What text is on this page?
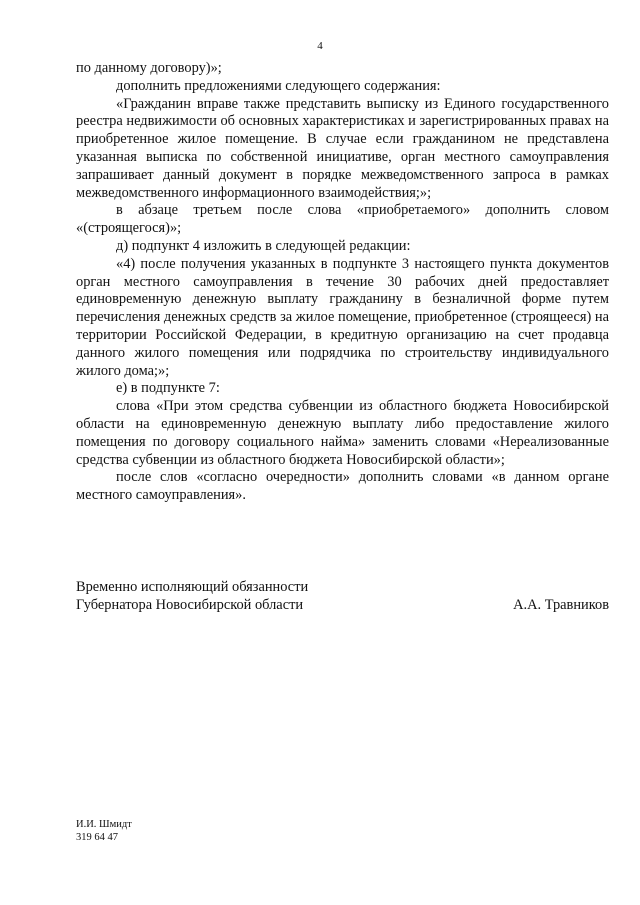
4

по данному договору)»;

дополнить предложениями следующего содержания:

«Гражданин вправе также представить выписку из Единого государственного реестра недвижимости об основных характеристиках и зарегистрированных правах на приобретенное жилое помещение. В случае если гражданином не представлена указанная выписка по собственной инициативе, орган местного самоуправления запрашивает данный документ в порядке межведомственного запроса в рамках межведомственного информационного взаимодействия;»;

в абзаце третьем после слова «приобретаемого» дополнить словом «(строящегося)»;

д) подпункт 4 изложить в следующей редакции:

«4) после получения указанных в подпункте 3 настоящего пункта документов орган местного самоуправления в течение 30 рабочих дней предоставляет единовременную денежную выплату гражданину в безналичной форме путем перечисления денежных средств за жилое помещение, приобретенное (строящееся) на территории Российской Федерации, в кредитную организацию на счет продавца данного жилого помещения или подрядчика по строительству индивидуального жилого дома;»;

е) в подпункте 7:

слова «При этом средства субвенции из областного бюджета Новосибирской области на единовременную денежную выплату либо предоставление жилого помещения по договору социального найма» заменить словами «Нереализованные средства субвенции из областного бюджета Новосибирской области»;

после слов «согласно очередности» дополнить словами «в данном органе местного самоуправления».

Временно исполняющий обязанности
Губернатора Новосибирской области	А.А. Травников
И.И. Шмидт
319 64 47
